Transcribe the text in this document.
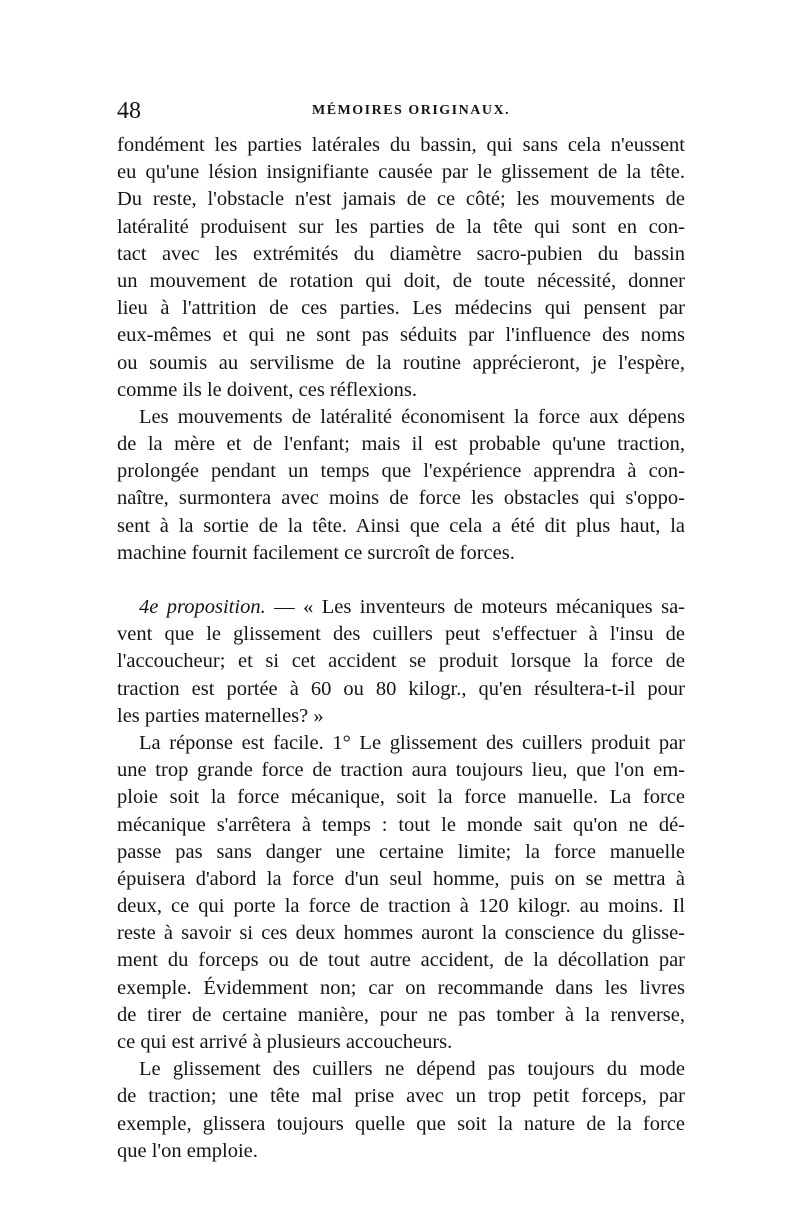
48	MÉMOIRES ORIGINAUX.
fondément les parties latérales du bassin, qui sans cela n'eussent
eu qu'une lésion insignifiante causée par le glissement de la tête.
Du reste, l'obstacle n'est jamais de ce côté; les mouvements de
latéralité produisent sur les parties de la tête qui sont en con-
tact avec les extrémités du diamètre sacro-pubien du bassin
un mouvement de rotation qui doit, de toute nécessité, donner
lieu à l'attrition de ces parties. Les médecins qui pensent par
eux-mêmes et qui ne sont pas séduits par l'influence des noms
ou soumis au servilisme de la routine apprécieront, je l'espère,
comme ils le doivent, ces réflexions.
Les mouvements de latéralité économisent la force aux dépens
de la mère et de l'enfant; mais il est probable qu'une traction,
prolongée pendant un temps que l'expérience apprendra à con-
naître, surmontera avec moins de force les obstacles qui s'oppo-
sent à la sortie de la tête. Ainsi que cela a été dit plus haut, la
machine fournit facilement ce surcroît de forces.
4e proposition. — « Les inventeurs de moteurs mécaniques sa-
vent que le glissement des cuillers peut s'effectuer à l'insu de
l'accoucheur; et si cet accident se produit lorsque la force de
traction est portée à 60 ou 80 kilogr., qu'en résultera-t-il pour
les parties maternelles? »
La réponse est facile. 1° Le glissement des cuillers produit par
une trop grande force de traction aura toujours lieu, que l'on em-
ploie soit la force mécanique, soit la force manuelle. La force
mécanique s'arrêtera à temps : tout le monde sait qu'on ne dé-
passe pas sans danger une certaine limite; la force manuelle
épuisera d'abord la force d'un seul homme, puis on se mettra à
deux, ce qui porte la force de traction à 120 kilogr. au moins. Il
reste à savoir si ces deux hommes auront la conscience du glisse-
ment du forceps ou de tout autre accident, de la décollation par
exemple. Évidemment non; car on recommande dans les livres
de tirer de certaine manière, pour ne pas tomber à la renverse,
ce qui est arrivé à plusieurs accoucheurs.
Le glissement des cuillers ne dépend pas toujours du mode
de traction; une tête mal prise avec un trop petit forceps, par
exemple, glissera toujours quelle que soit la nature de la force
que l'on emploie.
